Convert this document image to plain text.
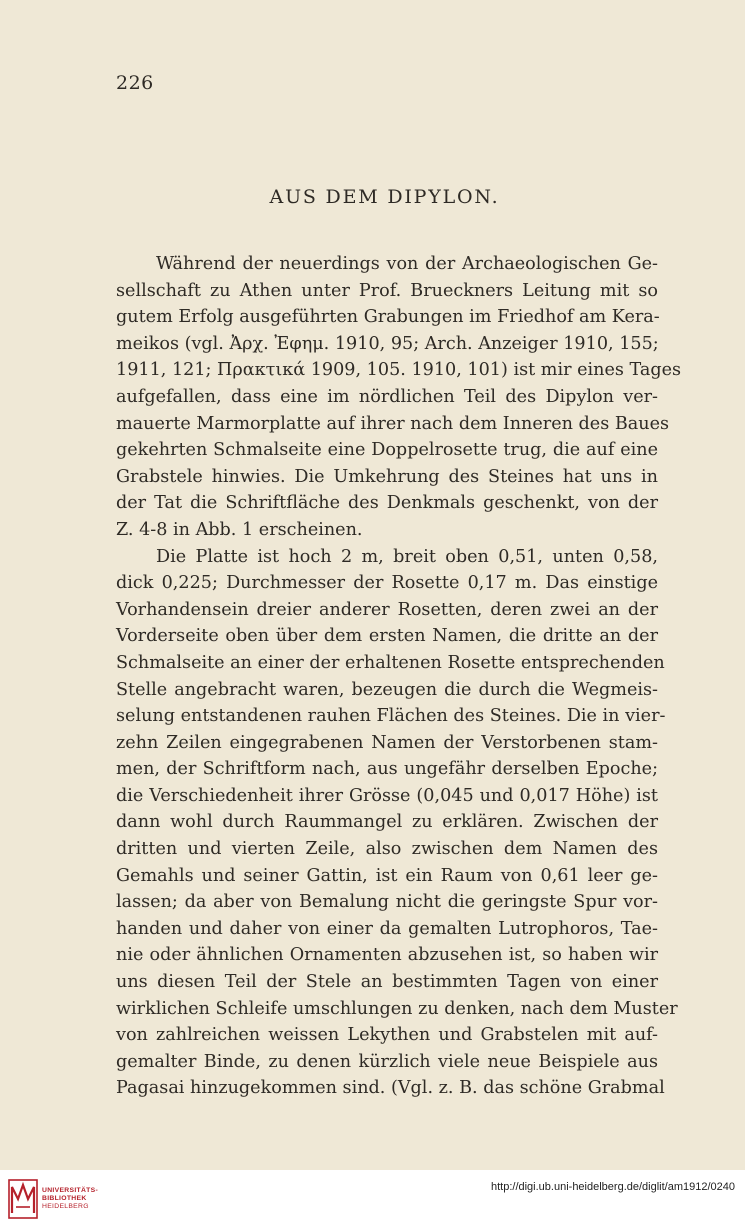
226
AUS DEM DIPYLON.
Während der neuerdings von der Archaeologischen Ge-
sellschaft zu Athen unter Prof. Brueckners Leitung mit so
gutem Erfolg ausgeführten Grabungen im Friedhof am Kera-
meikos (vgl. Ἀρχ. Ἐφημ. 1910, 95; Arch. Anzeiger 1910, 155;
1911, 121; Πρακτικά 1909, 105. 1910, 101) ist mir eines Tages
aufgefallen, dass eine im nördlichen Teil des Dipylon ver-
mauerte Marmorplatte auf ihrer nach dem Inneren des Baues
gekehrten Schmalseite eine Doppelrosette trug, die auf eine
Grabstele hinwies. Die Umkehrung des Steines hat uns in
der Tat die Schriftfläche des Denkmals geschenkt, von der
Z. 4-8 in Abb. 1 erscheinen.
Die Platte ist hoch 2 m, breit oben 0,51, unten 0,58,
dick 0,225; Durchmesser der Rosette 0,17 m. Das einstige
Vorhandensein dreier anderer Rosetten, deren zwei an der
Vorderseite oben über dem ersten Namen, die dritte an der
Schmalseite an einer der erhaltenen Rosette entsprechenden
Stelle angebracht waren, bezeugen die durch die Wegmeis-
selung entstandenen rauhen Flächen des Steines. Die in vier-
zehn Zeilen eingegrabenen Namen der Verstorbenen stam-
men, der Schriftform nach, aus ungefähr derselben Epoche;
die Verschiedenheit ihrer Grösse (0,045 und 0,017 Höhe) ist
dann wohl durch Raummangel zu erklären. Zwischen der
dritten und vierten Zeile, also zwischen dem Namen des
Gemahls und seiner Gattin, ist ein Raum von 0,61 leer ge-
lassen; da aber von Bemalung nicht die geringste Spur vor-
handen und daher von einer da gemalten Lutrophoros, Tae-
nie oder ähnlichen Ornamenten abzusehen ist, so haben wir
uns diesen Teil der Stele an bestimmten Tagen von einer
wirklichen Schleife umschlungen zu denken, nach dem Muster
von zahlreichen weissen Lekythen und Grabstelen mit auf-
gemalter Binde, zu denen kürzlich viele neue Beispiele aus
Pagasai hinzugekommen sind. (Vgl. z. B. das schöne Grabmal
UNIVERSITÄTS-
BIBLIOTHEK
HEIDELBERG
http://digi.ub.uni-heidelberg.de/diglit/am1912/0240
